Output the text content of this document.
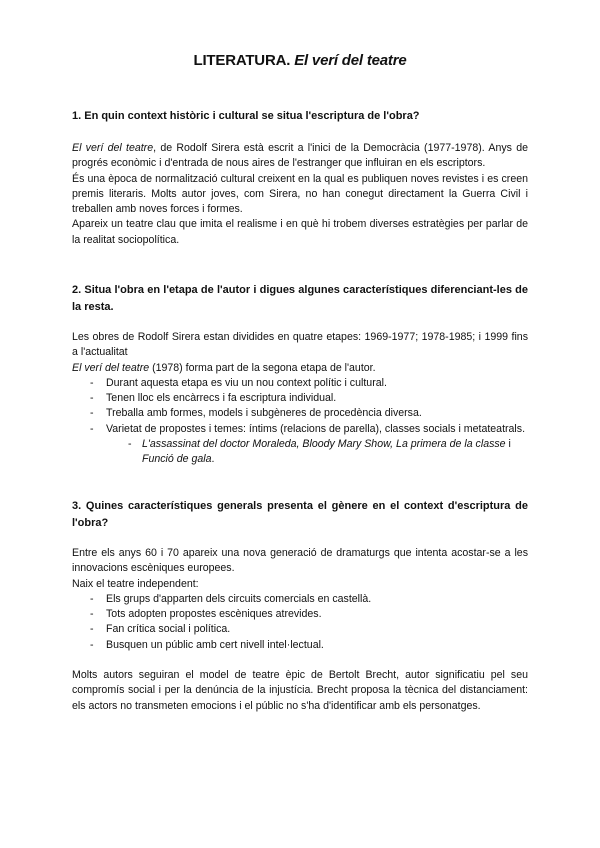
LITERATURA. El verí del teatre

1. En quin context històric i cultural se situa l'escriptura de l'obra?

El verí del teatre, de Rodolf Sirera està escrit a l'inici de la Democràcia (1977-1978). Anys de progrés econòmic i d'entrada de nous aires de l'estranger que influiran en els escriptors.

És una època de normalització cultural creixent en la qual es publiquen noves revistes i es creen premis literaris. Molts autor joves, com Sirera, no han conegut directament la Guerra Civil i treballen amb noves forces i formes.

Apareix un teatre clau que imita el realisme i en què hi trobem diverses estratègies per parlar de la realitat sociopolítica.

2. Situa l'obra en l'etapa de l'autor i digues algunes característiques diferenciant-les de la resta.

Les obres de Rodolf Sirera estan dividides en quatre etapes: 1969-1977; 1978-1985; i 1999 fins a l'actualitat

El verí del teatre (1978) forma part de la segona etapa de l'autor.

- Durant aquesta etapa es viu un nou context polític i cultural.
- Tenen lloc els encàrrecs i fa escriptura individual.
- Treballa amb formes, models i subgèneres de procedència diversa.
- Varietat de propostes i temes: íntims (relacions de parella), classes socials i metateatrals.
- L'assassinat del doctor Moraleda, Bloody Mary Show, La primera de la classe i Funció de gala.

3. Quines característiques generals presenta el gènere en el context d'escriptura de l'obra?

Entre els anys 60 i 70 apareix una nova generació de dramaturgs que intenta acostar-se a les innovacions escèniques europees.

Naix el teatre independent:

- Els grups d'apparten dels circuits comercials en castellà.
- Tots adopten propostes escèniques atrevides.
- Fan crítica social i política.
- Busquen un públic amb cert nivell intel·lectual.

Molts autors seguiran el model de teatre èpic de Bertolt Brecht, autor significatiu pel seu compromís social i per la denúncia de la injustícia. Brecht proposa la tècnica del distanciament: els actors no transmeten emocions i el públic no s'ha d'identificar amb els personatges.
